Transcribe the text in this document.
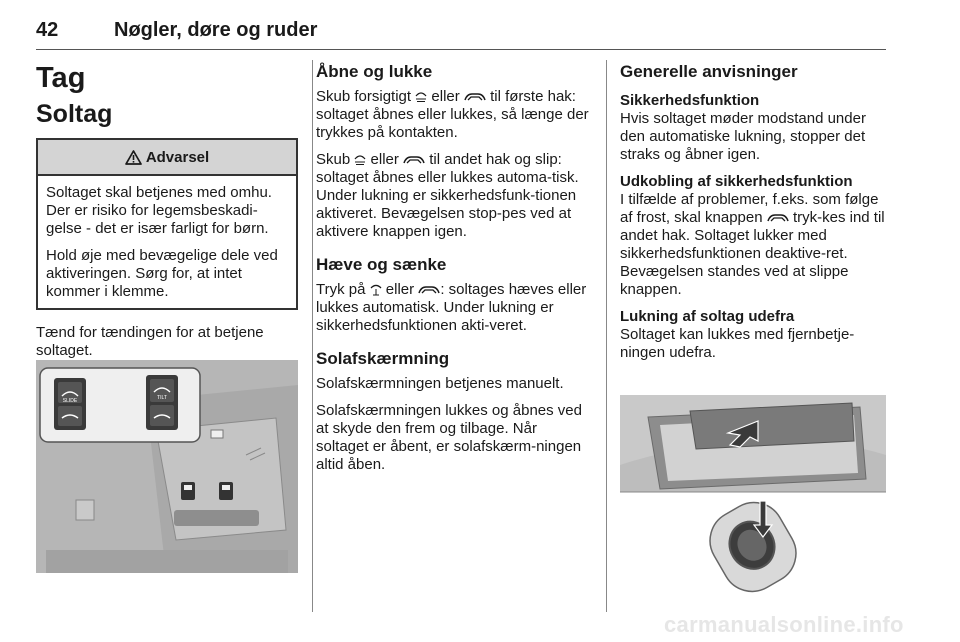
42	Nøgler, døre og ruder
Tag
Soltag
Advarsel

Soltaget skal betjenes med omhu. Der er risiko for legemsbeskadi-gelse - det er især farligt for børn.

Hold øje med bevægelige dele ved aktiveringen. Sørg for, at intet kommer i klemme.

Tænd for tændingen for at betjene soltaget.

SLIDE	TILT
Åbne og lukke

Skub forsigtigt eller til første hak: soltaget åbnes eller lukkes, så længe der trykkes på kontakten.

Skub eller til andet hak og slip: soltaget åbnes eller lukkes automa-tisk. Under lukning er sikkerhedsfunk-tionen aktiveret. Bevægelsen stop-pes ved at aktivere knappen igen.

Hæve og sænke

Tryk på eller : soltages hæves eller lukkes automatisk. Under lukning er sikkerhedsfunktionen akti-veret.

Solafskærmning

Solafskærmningen betjenes manuelt.

Solafskærmningen lukkes og åbnes ved at skyde den frem og tilbage. Når soltaget er åbent, er solafskærm-ningen altid åben.

Generelle anvisninger
Sikkerhedsfunktion

Hvis soltaget møder modstand under den automatiske lukning, stopper det straks og åbner igen.

Udkobling af sikkerhedsfunktion

I tilfælde af problemer, f.eks. som følge af frost, skal knappen tryk-kes ind til andet hak. Soltaget lukker med sikkerhedsfunktionen deaktive-ret. Bevægelsen standes ved at slippe knappen.

Lukning af soltag udefra

Soltaget kan lukkes med fjernbetje-ningen udefra.

carmanualsonline.info
